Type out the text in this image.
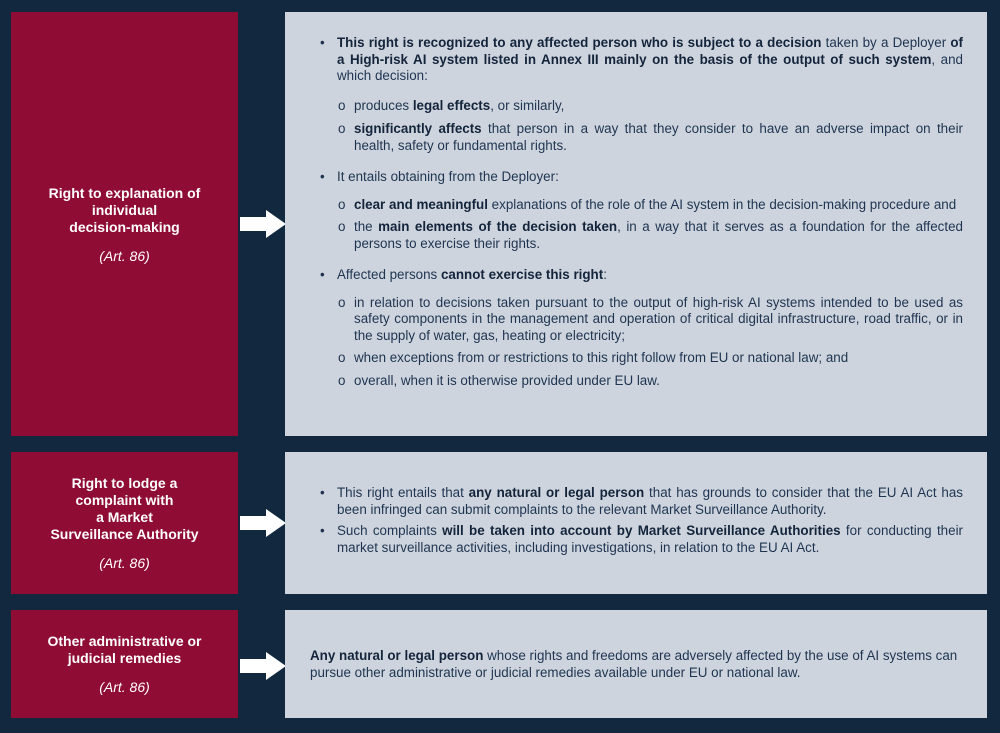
Right to explanation of
individual
decision-making
(Art. 86)

• This right is recognized to any affected person who is subject to a decision taken by a Deployer of a High-risk AI system listed in Annex III mainly on the basis of the output of such system, and which decision:

o produces legal effects, or similarly,

o significantly affects that person in a way that they consider to have an adverse impact on their health, safety or fundamental rights.

• It entails obtaining from the Deployer:

o clear and meaningful explanations of the role of the AI system in the decision-making procedure and

o the main elements of the decision taken, in a way that it serves as a foundation for the affected persons to exercise their rights.

• Affected persons cannot exercise this right:

o in relation to decisions taken pursuant to the output of high-risk AI systems intended to be used as safety components in the management and operation of critical digital infrastructure, road traffic, or in the supply of water, gas, heating or electricity;

o when exceptions from or restrictions to this right follow from EU or national law; and

o overall, when it is otherwise provided under EU law.

Right to lodge a
complaint with
a Market
Surveillance Authority
(Art. 86)

• This right entails that any natural or legal person that has grounds to consider that the EU AI Act has been infringed can submit complaints to the relevant Market Surveillance Authority.

• Such complaints will be taken into account by Market Surveillance Authorities for conducting their market surveillance activities, including investigations, in relation to the EU AI Act.

Other administrative or
judicial remedies
(Art. 86)

Any natural or legal person whose rights and freedoms are adversely affected by the use of AI systems can pursue other administrative or judicial remedies available under EU or national law.
